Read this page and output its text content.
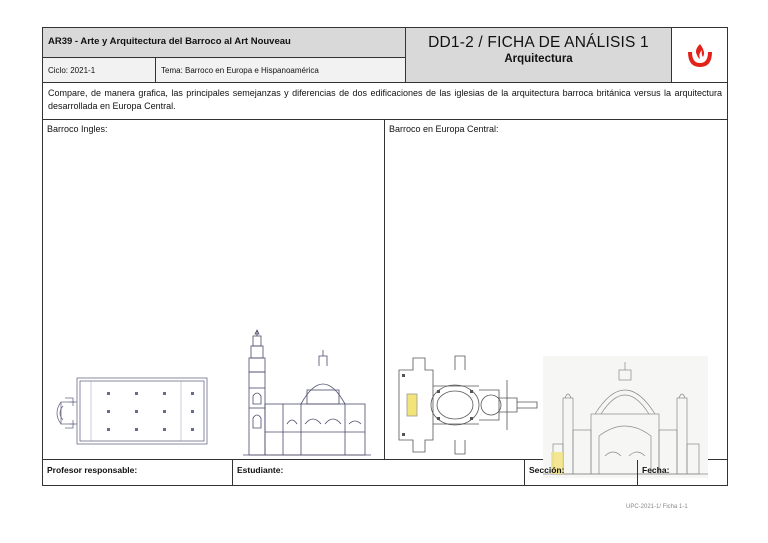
AR39 - Arte y Arquitectura del Barroco al Art Nouveau
Ciclo: 2021-1	Tema: Barroco en Europa e Hispanoamérica
DD1-2 / FICHA DE ANÁLISIS 1
Arquitectura
Compare, de manera grafica, las principales semejanzas y diferencias de dos edificaciones de las iglesias de la arquitectura barroca británica versus la arquitectura desarrollada en Europa Central.
Barroco Ingles:	Barroco en Europa Central:
Profesor responsable:	Estudiante:	Sección:	Fecha:
UPC-2021-1/ Ficha 1-1
